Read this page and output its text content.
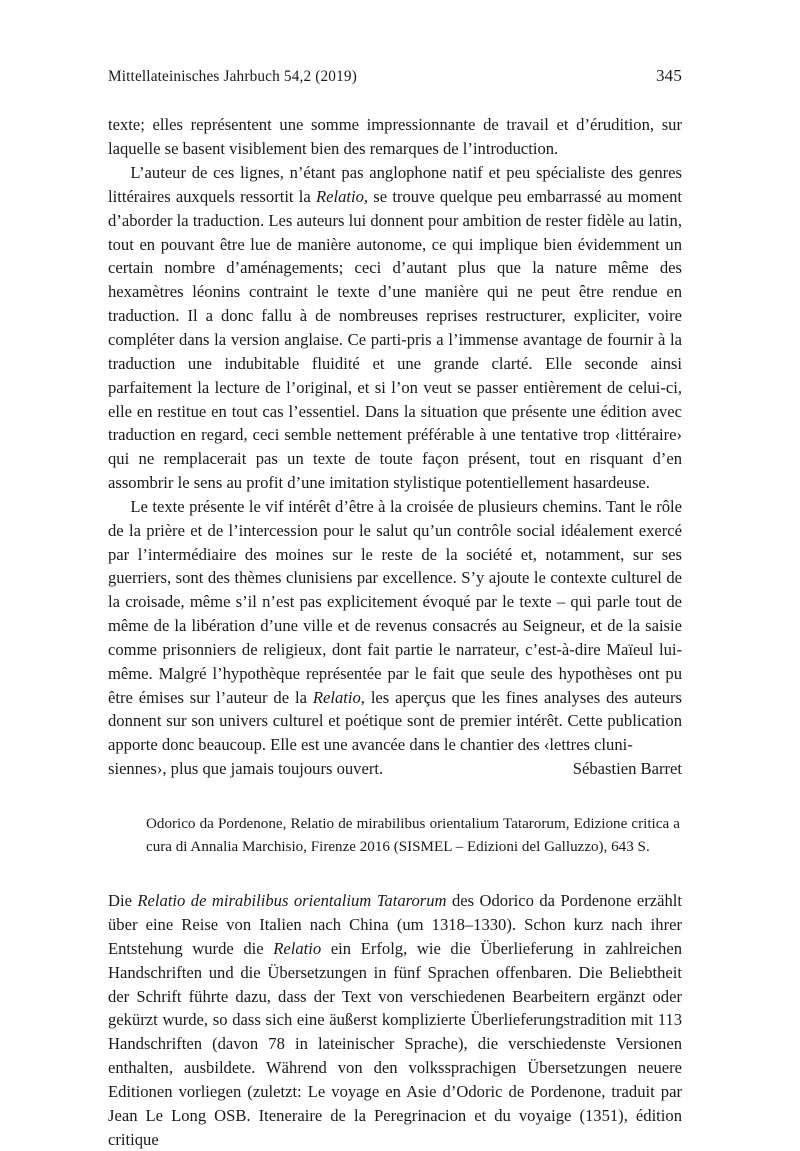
Mittellateinisches Jahrbuch 54,2 (2019)	345

texte; elles représentent une somme impressionnante de travail et d’érudition, sur laquelle se basent visiblement bien des remarques de l’introduction.

L’auteur de ces lignes, n’étant pas anglophone natif et peu spécialiste des genres littéraires auxquels ressortit la Relatio, se trouve quelque peu embarrassé au moment d’aborder la traduction. Les auteurs lui donnent pour ambition de rester fidèle au latin, tout en pouvant être lue de manière autonome, ce qui implique bien évidemment un certain nombre d’aménagements; ceci d’autant plus que la nature même des hexamètres léonins contraint le texte d’une manière qui ne peut être rendue en traduction. Il a donc fallu à de nombreuses reprises restructurer, expliciter, voire compléter dans la version anglaise. Ce parti-pris a l’immense avantage de fournir à la traduction une indubitable fluidité et une grande clarté. Elle seconde ainsi parfaitement la lecture de l’original, et si l’on veut se passer entièrement de celui-ci, elle en restitue en tout cas l’essentiel. Dans la situation que présente une édition avec traduction en regard, ceci semble nettement préférable à une tentative trop ‹littéraire› qui ne remplacerait pas un texte de toute façon présent, tout en risquant d’en assombrir le sens au profit d’une imitation stylistique potentiellement hasardeuse.

Le texte présente le vif intérêt d’être à la croisée de plusieurs chemins. Tant le rôle de la prière et de l’intercession pour le salut qu’un contrôle social idéalement exercé par l’intermédiaire des moines sur le reste de la société et, notamment, sur ses guerriers, sont des thèmes clunisiens par excellence. S’y ajoute le contexte culturel de la croisade, même s’il n’est pas explicitement évoqué par le texte – qui parle tout de même de la libération d’une ville et de revenus consacrés au Seigneur, et de la saisie comme prisonniers de religieux, dont fait partie le narrateur, c’est-à-dire Maïeul lui-même. Malgré l’hypothèque représentée par le fait que seule des hypothèses ont pu être émises sur l’auteur de la Relatio, les aperçus que les fines analyses des auteurs donnent sur son univers culturel et poétique sont de premier intérêt. Cette publication apporte donc beaucoup. Elle est une avancée dans le chantier des ‹lettres cluni-

siennes›, plus que jamais toujours ouvert.	Sébastien Barret
Odorico da Pordenone, Relatio de mirabilibus orientalium Tatarorum, Edizione critica a cura di Annalia Marchisio, Firenze 2016 (SISMEL – Edizioni del Galluzzo), 643 S.

Die Relatio de mirabilibus orientalium Tatarorum des Odorico da Pordenone erzählt über eine Reise von Italien nach China (um 1318–1330). Schon kurz nach ihrer Entstehung wurde die Relatio ein Erfolg, wie die Überlieferung in zahlreichen Handschriften und die Übersetzungen in fünf Sprachen offenbaren. Die Beliebtheit der Schrift führte dazu, dass der Text von verschiedenen Bearbeitern ergänzt oder gekürzt wurde, so dass sich eine äußerst komplizierte Überlieferungstradition mit 113 Handschriften (davon 78 in lateinischer Sprache), die verschiedenste Versionen enthalten, ausbildete. Während von den volkssprachigen Übersetzungen neuere Editionen vorliegen (zuletzt: Le voyage en Asie d’Odoric de Pordenone, traduit par Jean Le Long OSB. Iteneraire de la Peregrinacion et du voyaige (1351), édition critique
